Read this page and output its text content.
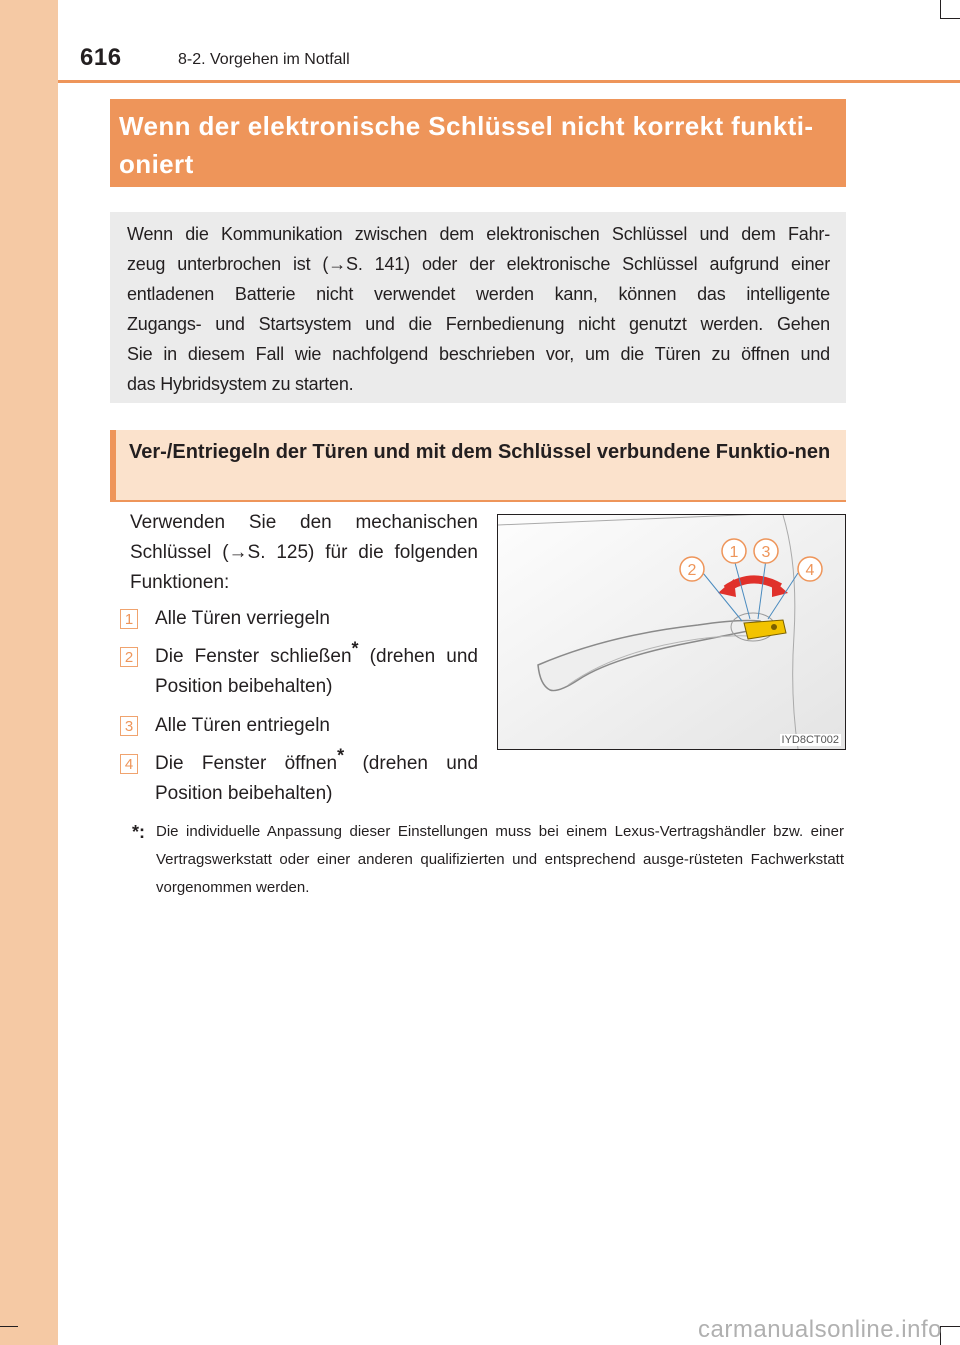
616	8-2. Vorgehen im Notfall
Wenn der elektronische Schlüssel nicht korrekt funkti-oniert
Wenn die Kommunikation zwischen dem elektronischen Schlüssel und dem Fahr-
zeug unterbrochen ist (→S. 141) oder der elektronische Schlüssel aufgrund einer
entladenen Batterie nicht verwendet werden kann, können das intelligente
Zugangs- und Startsystem und die Fernbedienung nicht genutzt werden. Gehen
Sie in diesem Fall wie nachfolgend beschrieben vor, um die Türen zu öffnen und
das Hybridsystem zu starten.
Ver-/Entriegeln der Türen und mit dem Schlüssel verbundene Funktio-nen
Verwenden Sie den mechanischen Schlüssel (→S. 125) für die folgenden Funktionen:
1 Alle Türen verriegeln
2 Die Fenster schließen* (drehen und Position beibehalten)
3 Alle Türen entriegeln
4 Die Fenster öffnen* (drehen und Position beibehalten)
1
2
3
4
IYD8CT002
*: Die individuelle Anpassung dieser Einstellungen muss bei einem Lexus-Vertragshändler bzw. einer Vertragswerkstatt oder einer anderen qualifizierten und entsprechend ausge-rüsteten Fachwerkstatt vorgenommen werden.
carmanualsonline.info
